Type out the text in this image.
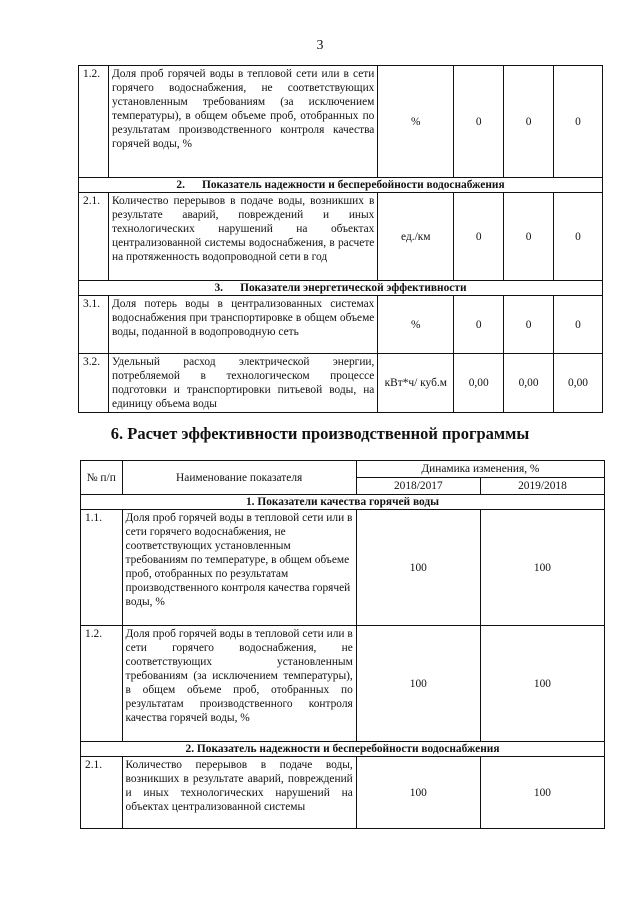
3
1.2.	Доля проб горячей воды в тепловой сети или в сети горячего водоснабжения, не соответствующих установленным требованиям (за исключением температуры), в общем объеме проб, отобранных по результатам производственного контроля качества горячей воды, %	%	0	0	0
2.      Показатель надежности и бесперебойности водоснабжения					
2.1.	Количество перерывов в подаче воды, возникших в результате аварий, повреждений и иных технологических нарушений на объектах централизованной системы водоснабжения, в расчете на протяженность водопроводной сети в год	ед./км	0	0	0
3.      Показатели энергетической эффективности					
3.1.	Доля потерь воды в централизованных системах водоснабжения при транспортировке в общем объеме воды, поданной в водопроводную сеть	%	0	0	0
3.2.	Удельный расход электрической энергии, потребляемой в технологическом процессе подготовки и транспортировки питьевой воды, на единицу объема воды	кВт*ч/ куб.м	0,00	0,00	0,00
6. Расчет эффективности производственной программы
№ п/п	Наименование показателя	Динамика изменения, %	
		2018/2017	2019/2018
1. Показатели качества горячей воды			
1.1.	Доля проб горячей воды в тепловой сети или в сети горячего водоснабжения, не соответствующих установленным требованиям по температуре, в общем объеме проб, отобранных по результатам производственного контроля качества горячей воды, %	100	100
1.2.	Доля проб горячей воды в тепловой сети или в сети горячего водоснабжения, не соответствующих установленным требованиям (за исключением температуры), в общем объеме проб, отобранных по результатам производственного контроля качества горячей воды, %	100	100
2. Показатель надежности и бесперебойности водоснабжения			
2.1.	Количество перерывов в подаче воды, возникших в результате аварий, повреждений и иных технологических нарушений на объектах централизованной системы	100	100
